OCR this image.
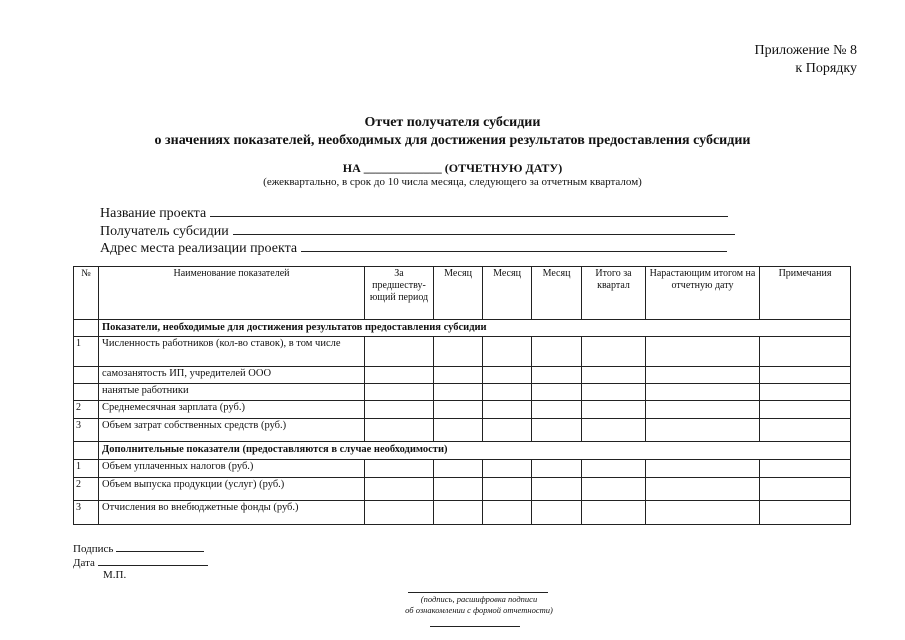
Приложение № 8
к Порядку
Отчет получателя субсидии
о значениях показателей, необходимых для достижения результатов предоставления субсидии
НА _____________ (ОТЧЕТНУЮ ДАТУ)
(ежеквартально, в срок до 10 числа месяца, следующего за отчетным кварталом)
Название проекта
Получатель субсидии
Адрес места реализации проекта
№	Наименование показателей	За предшеству-ющий период	Месяц	Месяц	Месяц	Итого за квартал	Нарастающим итогом на отчетную дату	Примечания
	Показатели, необходимые для достижения результатов предоставления субсидии							
1	Численность работников (кол-во ставок), в том числе							
	самозанятость ИП, учредителей ООО							
	нанятые работники							
2	Среднемесячная зарплата (руб.)							
3	Объем затрат собственных средств (руб.)							
	Дополнительные показатели (предоставляются в случае необходимости)							
1	Объем уплаченных налогов (руб.)							
2	Объем выпуска продукции (услуг) (руб.)							
3	Отчисления во внебюджетные фонды (руб.)							
Подпись
Дата
М.П.
(подпись, расшифровка подписи
об ознакомлении с формой отчетности)
